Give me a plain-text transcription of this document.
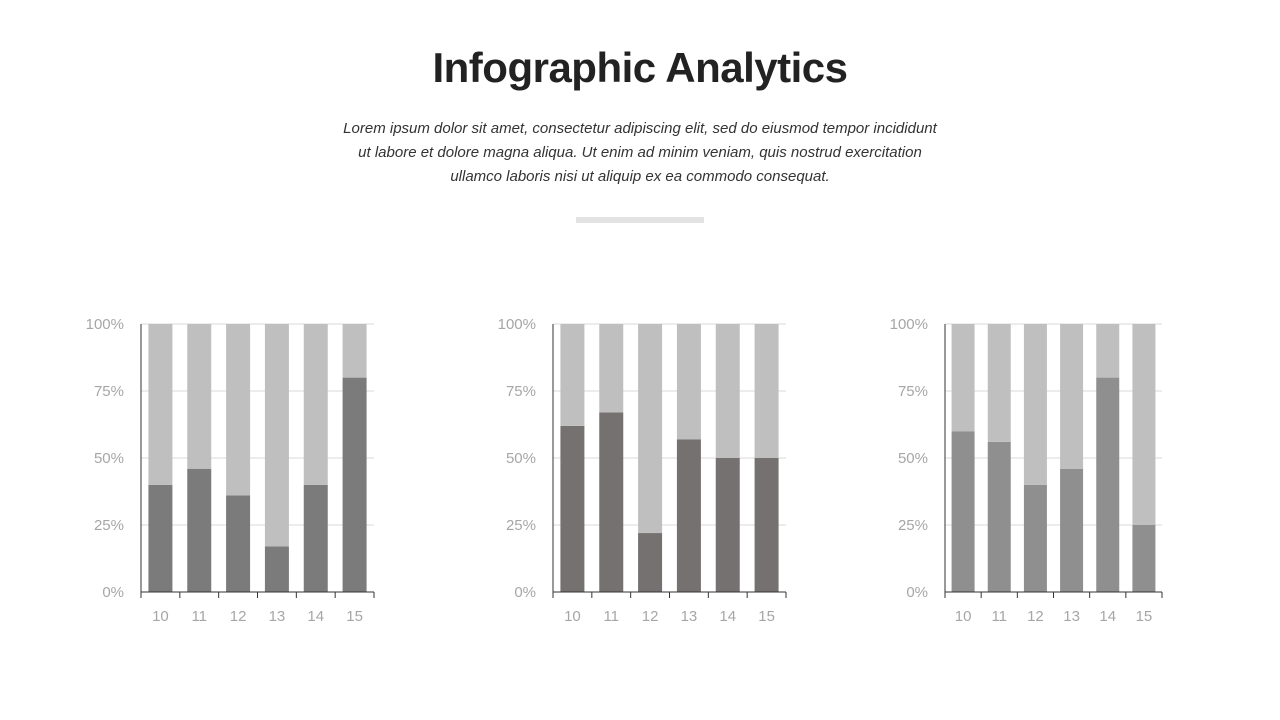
Infographic Analytics

Lorem ipsum dolor sit amet, consectetur adipiscing elit, sed do eiusmod tempor incididunt ut labore et dolore magna aliqua. Ut enim ad minim veniam, quis nostrud exercitation ullamco laboris nisi ut aliquip ex ea commodo consequat.

0%
25%
50%
75%
100%
10 11 12 13 14 15
0%
25%
50%
75%
100%
10 11 12 13 14 15
0%
25%
50%
75%
100%
10 11 12 13 14 15
